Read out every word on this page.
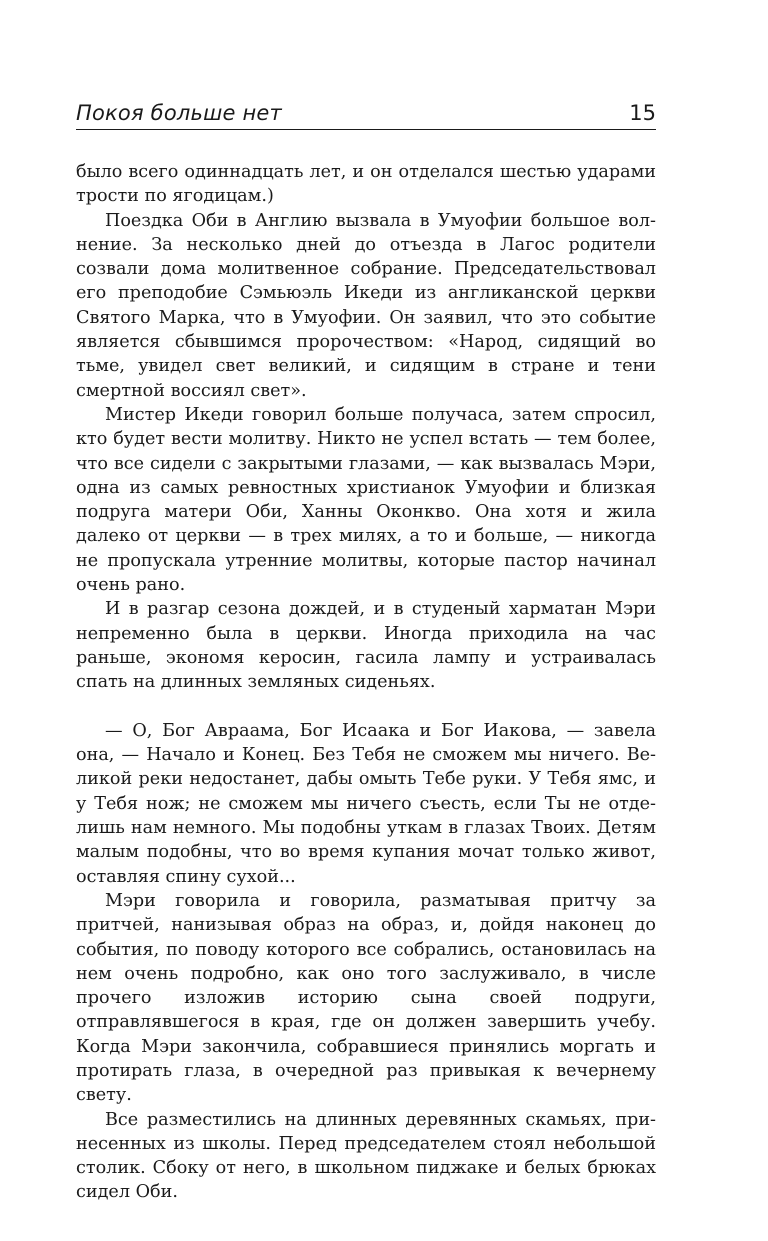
Покоя больше нет	15

было всего одиннадцать лет, и он отделался шестью ударами трости по ягодицам.)

Поездка Оби в Англию вызвала в Умуофии большое волнение. За несколько дней до отъезда в Лагос родители созвали дома молитвенное собрание. Председательствовал его преподобие Сэмьюэль Икеди из англиканской церкви Святого Марка, что в Умуофии. Он заявил, что это событие является сбывшимся пророчеством: «Народ, сидящий во тьме, увидел свет великий, и сидящим в стране и тени смертной воссиял свет».

Мистер Икеди говорил больше получаса, затем спросил, кто будет вести молитву. Никто не успел встать — тем более, что все сидели с закрытыми глазами, — как вызвалась Мэри, одна из самых ревностных христианок Умуофии и близкая подруга матери Оби, Ханны Оконкво. Она хотя и жила далеко от церкви — в трех милях, а то и больше, — никогда не пропускала утренние молитвы, которые пастор начинал очень рано.

И в разгар сезона дождей, и в студеный харматан Мэри непременно была в церкви. Иногда приходила на час раньше, экономя керосин, гасила лампу и устраивалась спать на длинных земляных сиденьях.

— О, Бог Авраама, Бог Исаака и Бог Иакова, — завела она, — Начало и Конец. Без Тебя не сможем мы ничего. Великой реки недостанет, дабы омыть Тебе руки. У Тебя ямс, и у Тебя нож; не сможем мы ничего съесть, если Ты не отделишь нам немного. Мы подобны уткам в глазах Твоих. Детям малым подобны, что во время купания мочат только живот, оставляя спину сухой...

Мэри говорила и говорила, разматывая притчу за притчей, нанизывая образ на образ, и, дойдя наконец до события, по поводу которого все собрались, остановилась на нем очень подробно, как оно того заслуживало, в числе прочего изложив историю сына своей подруги, отправлявшегося в края, где он должен завершить учебу. Когда Мэри закончила, собравшиеся принялись моргать и протирать глаза, в очередной раз привыкая к вечернему свету.

Все разместились на длинных деревянных скамьях, принесенных из школы. Перед председателем стоял небольшой столик. Сбоку от него, в школьном пиджаке и белых брюках сидел Оби.
